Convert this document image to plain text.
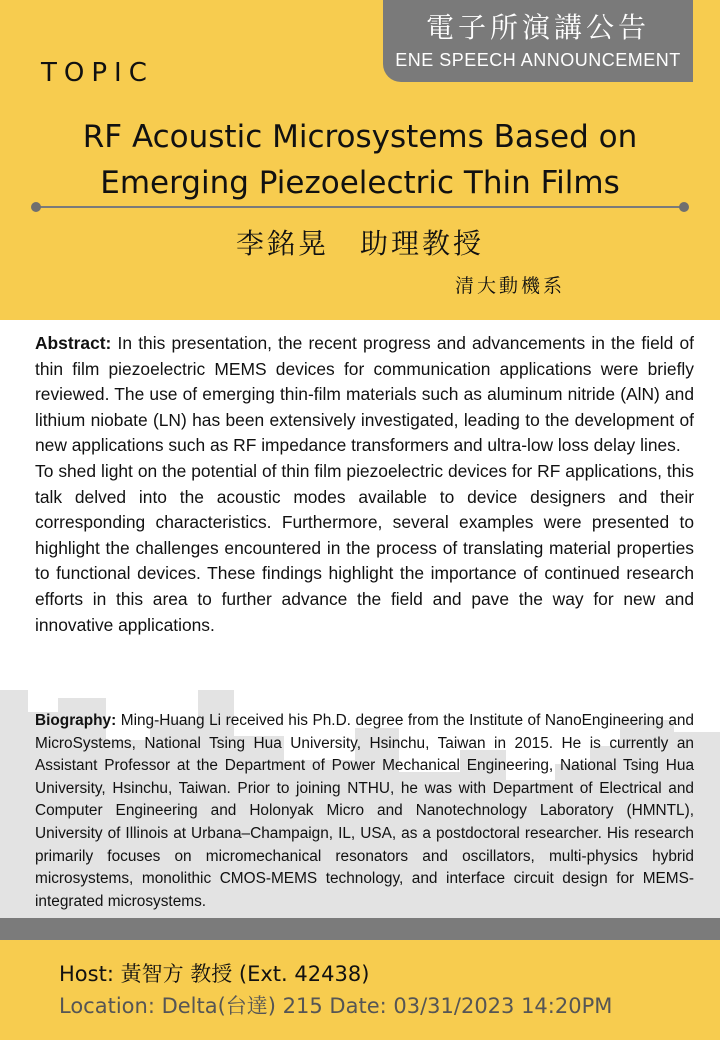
電子所演講公告
ENE SPEECH ANNOUNCEMENT
TOPIC
RF Acoustic Microsystems Based on
Emerging Piezoelectric Thin Films
李銘晃　助理教授
清大動機系

Abstract: In this presentation, the recent progress and advancements in the field of thin film piezoelectric MEMS devices for communication applications were briefly reviewed. The use of emerging thin-film materials such as aluminum nitride (AlN) and lithium niobate (LN) has been extensively investigated, leading to the development of new applications such as RF impedance transformers and ultra-low loss delay lines.

To shed light on the potential of thin film piezoelectric devices for RF applications, this talk delved into the acoustic modes available to device designers and their corresponding characteristics. Furthermore, several examples were presented to highlight the challenges encountered in the process of translating material properties to functional devices. These findings highlight the importance of continued research efforts in this area to further advance the field and pave the way for new and innovative applications.

Biography: Ming-Huang Li received his Ph.D. degree from the Institute of NanoEngineering and MicroSystems, National Tsing Hua University, Hsinchu, Taiwan in 2015. He is currently an Assistant Professor at the Department of Power Mechanical Engineering, National Tsing Hua University, Hsinchu, Taiwan. Prior to joining NTHU, he was with Department of Electrical and Computer Engineering and Holonyak Micro and Nanotechnology Laboratory (HMNTL), University of Illinois at Urbana–Champaign, IL, USA, as a postdoctoral researcher. His research primarily focuses on micromechanical resonators and oscillators, multi-physics hybrid microsystems, monolithic CMOS-MEMS technology, and interface circuit design for MEMS-integrated microsystems.
Host: 黃智方 教授 (Ext. 42438)
Location: Delta(台達) 215 Date: 03/31/2023 14:20PM
